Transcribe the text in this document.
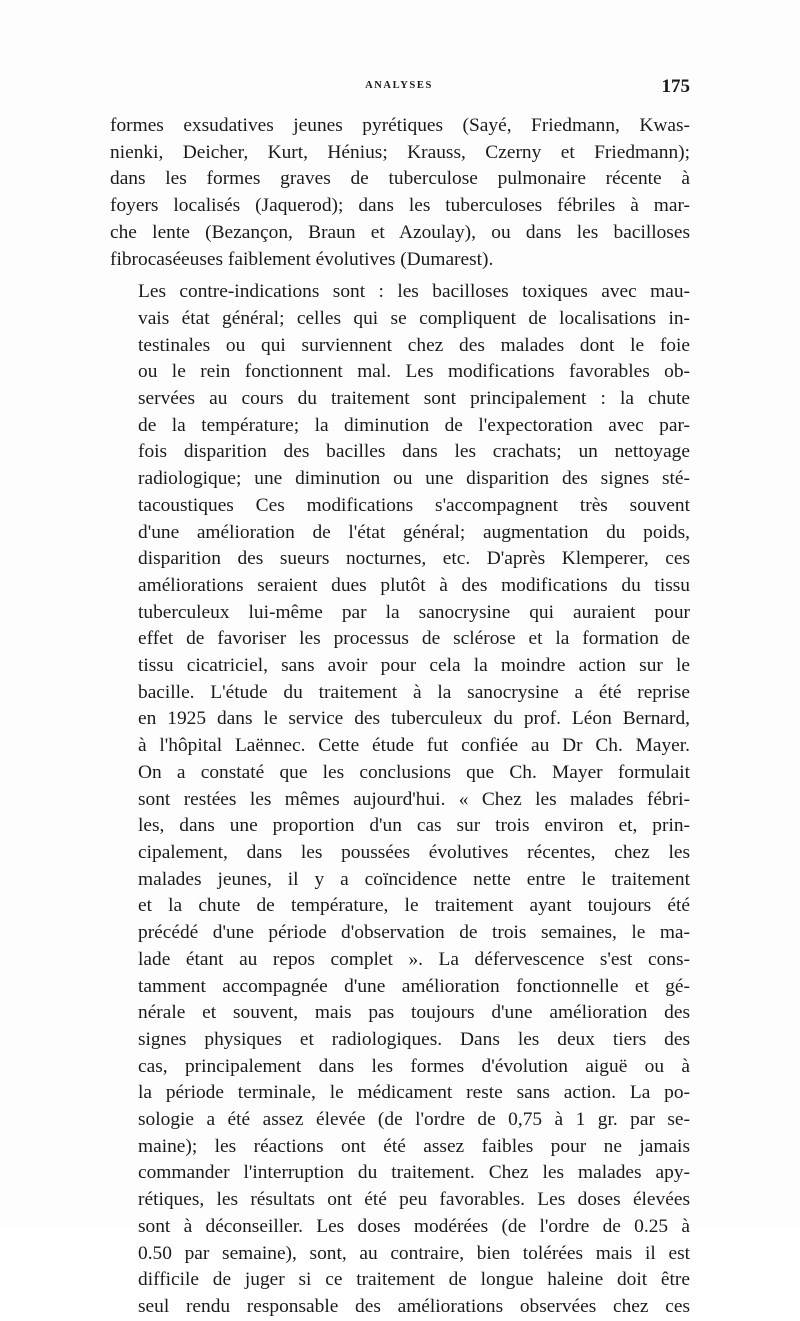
ANALYSES	175

formes exsudatives jeunes pyrétiques (Sayé, Friedmann, Kwas-
nienki, Deicher, Kurt, Hénius; Krauss, Czerny et Friedmann);
dans les formes graves de tuberculose pulmonaire récente à
foyers localisés (Jaquerod); dans les tuberculoses fébriles à mar-
che lente (Bezançon, Braun et Azoulay), ou dans les bacilloses
fibrocaséeuses faiblement évolutives (Dumarest).

Les contre-indications sont : les bacilloses toxiques avec mau-
vais état général; celles qui se compliquent de localisations in-
testinales ou qui surviennent chez des malades dont le foie
ou le rein fonctionnent mal. Les modifications favorables ob-
servées au cours du traitement sont principalement : la chute
de la température; la diminution de l'expectoration avec par-
fois disparition des bacilles dans les crachats; un nettoyage
radiologique; une diminution ou une disparition des signes sté-
tacoustiques Ces modifications s'accompagnent très souvent
d'une amélioration de l'état général; augmentation du poids,
disparition des sueurs nocturnes, etc. D'après Klemperer, ces
améliorations seraient dues plutôt à des modifications du tissu
tuberculeux lui-même par la sanocrysine qui auraient pour
effet de favoriser les processus de sclérose et la formation de
tissu cicatriciel, sans avoir pour cela la moindre action sur le
bacille. L'étude du traitement à la sanocrysine a été reprise
en 1925 dans le service des tuberculeux du prof. Léon Bernard,
à l'hôpital Laënnec. Cette étude fut confiée au Dr Ch. Mayer.
On a constaté que les conclusions que Ch. Mayer formulait
sont restées les mêmes aujourd'hui. « Chez les malades fébri-
les, dans une proportion d'un cas sur trois environ et, prin-
cipalement, dans les poussées évolutives récentes, chez les
malades jeunes, il y a coïncidence nette entre le traitement
et la chute de température, le traitement ayant toujours été
précédé d'une période d'observation de trois semaines, le ma-
lade étant au repos complet ». La défervescence s'est cons-
tamment accompagnée d'une amélioration fonctionnelle et gé-
nérale et souvent, mais pas toujours d'une amélioration des
signes physiques et radiologiques. Dans les deux tiers des
cas, principalement dans les formes d'évolution aiguë ou à
la période terminale, le médicament reste sans action. La po-
sologie a été assez élevée (de l'ordre de 0,75 à 1 gr. par se-
maine); les réactions ont été assez faibles pour ne jamais
commander l'interruption du traitement. Chez les malades apy-
rétiques, les résultats ont été peu favorables. Les doses élevées
sont à déconseiller. Les doses modérées (de l'ordre de 0.25 à
0.50 par semaine), sont, au contraire, bien tolérées mais il est
difficile de juger si ce traitement de longue haleine doit être
seul rendu responsable des améliorations observées chez ces
